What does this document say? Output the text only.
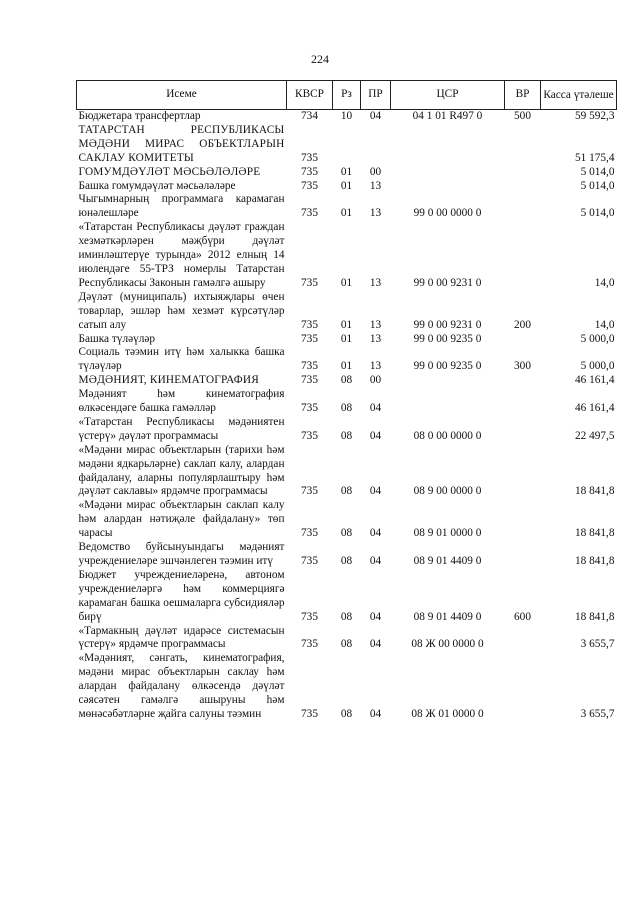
224
Исеме	КВСР	Рз	ПР	ЦСР	ВР	Касса үтәлеше
Бюджетара трансфертлар	734	10	04	04 1 01 R497 0	500	59 592,3
ТАТАРСТАН РЕСПУБЛИКАСЫ МӘДӘНИ МИРАС ОБЪЕКТЛАРЫН САКЛАУ КОМИТЕТЫ	735					51 175,4
ГОМУМДӘҮЛӘТ МӘСЬӘЛӘЛӘРЕ	735	01	00			5 014,0
Башка гомумдәүләт мәсьәләләре	735	01	13			5 014,0
Чыгымнарның программага карамаган юнәлешләре	735	01	13	99 0 00 0000 0		5 014,0
«Татарстан Республикасы дәүләт граждан хезмәткәрләрен мәҗбүри дәүләт иминләштерүе турында» 2012 елның 14 июлендәге 55-ТРЗ номерлы Татарстан Республикасы Законын гамәлгә ашыру	735	01	13	99 0 00 9231 0		14,0
Дәүләт (муниципаль) ихтыяҗлары өчен товарлар, эшләр һәм хезмәт күрсәтүләр сатып алу	735	01	13	99 0 00 9231 0	200	14,0
Башка түләүләр	735	01	13	99 0 00 9235 0		5 000,0
Социаль тәэмин итү һәм халыкка башка түләүләр	735	01	13	99 0 00 9235 0	300	5 000,0
МӘДӘНИЯТ, КИНЕМАТОГРАФИЯ	735	08	00			46 161,4
Мәдәният һәм кинематография өлкәсендәге башка гамәлләр	735	08	04			46 161,4
«Татарстан Республикасы мәдәниятен үстерү» дәүләт программасы	735	08	04	08 0 00 0000 0		22 497,5
«Мәдәни мирас объектларын (тарихи һәм мәдәни ядкарьләрне) саклап калу, алардан файдалану, аларны популярлаштыру һәм дәүләт саклавы» ярдәмче программасы	735	08	04	08 9 00 0000 0		18 841,8
«Мәдәни мирас объектларын саклап калу һәм алардан нәтиҗәле файдалану» төп чарасы	735	08	04	08 9 01 0000 0		18 841,8
Ведомство буйсынуындагы мәдәният учреждениеләре эшчәнлеген тәэмин итү	735	08	04	08 9 01 4409 0		18 841,8
Бюджет учреждениеләренә, автоном учреждениеләргә һәм коммерциягә карамаган башка оешмаларга субсидияләр бирү	735	08	04	08 9 01 4409 0	600	18 841,8
«Тармакның дәүләт идарәсе системасын үстерү» ярдәмче программасы	735	08	04	08 Ж 00 0000 0		3 655,7
«Мәдәният, сәнгать, кинематография, мәдәни мирас объектларын саклау һәм алардан файдалану өлкәсендә дәүләт сәясәтен гамәлгә ашыруны һәм мөнәсәбәтләрне җайга салуны тәэмин	735	08	04	08 Ж 01 0000 0		3 655,7
